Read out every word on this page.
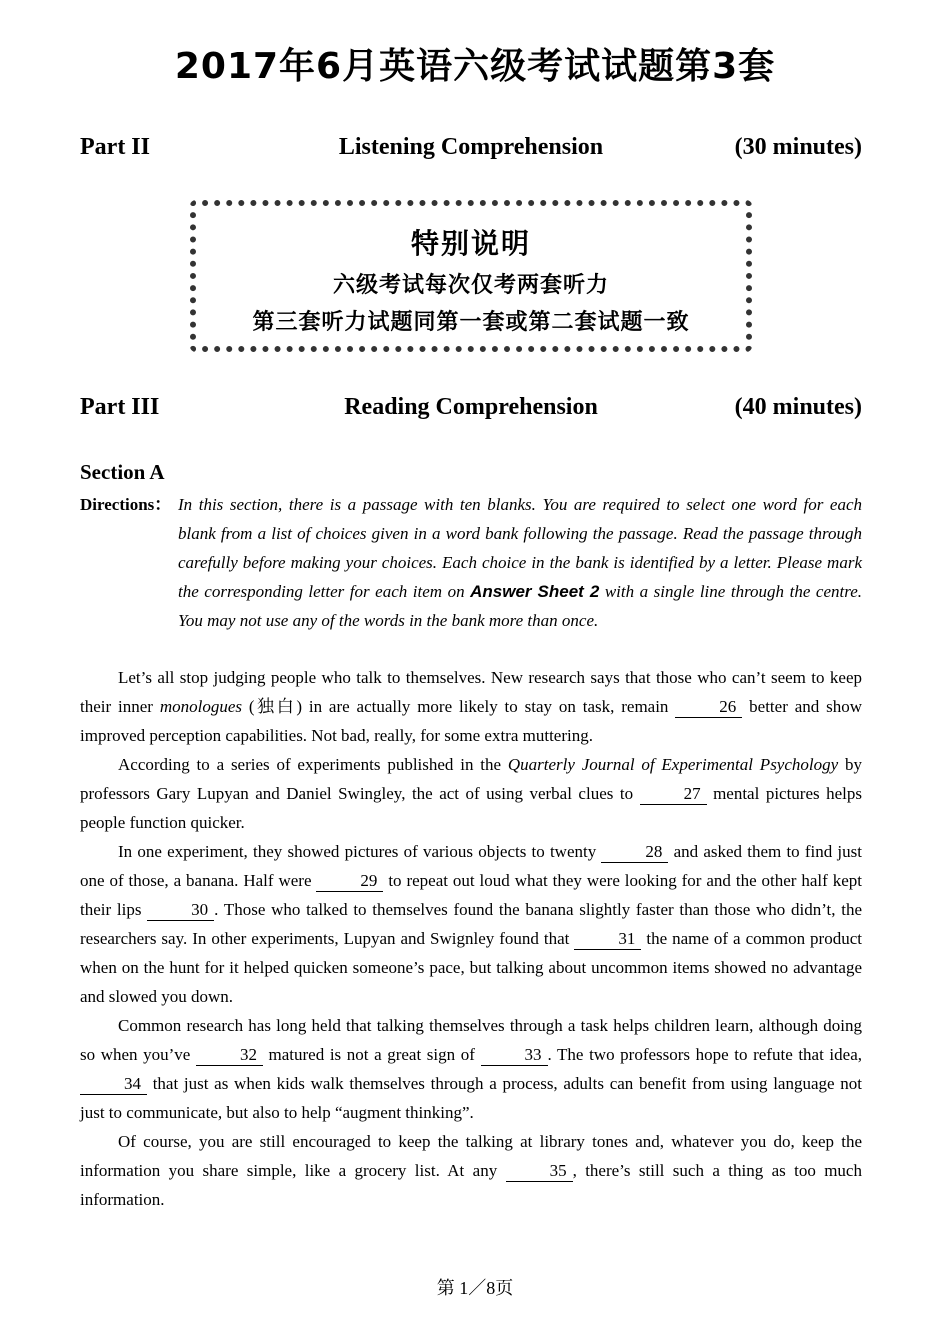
2017年6月英语六级考试试题第3套
Part II	Listening Comprehension	(30 minutes)
特别说明
六级考试每次仅考两套听力
第三套听力试题同第一套或第二套试题一致
Part III	Reading Comprehension	(40 minutes)
Section A
Directions： In this section, there is a passage with ten blanks. You are required to select one word for each blank from a list of choices given in a word bank following the passage. Read the passage through carefully before making your choices. Each choice in the bank is identified by a letter. Please mark the corresponding letter for each item on Answer Sheet 2 with a single line through the centre. You may not use any of the words in the bank more than once.

Let’s all stop judging people who talk to themselves. New research says that those who can’t seem to keep their inner monologues (独白) in are actually more likely to stay on task, remain	26 better and show improved perception capabilities. Not bad, really, for some extra muttering.

According to a series of experiments published in the Quarterly Journal of Experimental Psychology by professors Gary Lupyan and Daniel Swingley, the act of using verbal clues to	27 mental pictures helps people function quicker.

In one experiment, they showed pictures of various objects to twenty	28 and asked them to find just one of those, a banana. Half were	29 to repeat out loud what they were looking for and the other half kept their lips	30 . Those who talked to themselves found the banana slightly faster than those who didn’t, the researchers say. In other experiments, Lupyan and Swignley found that	31 the name of a common product when on the hunt for it helped quicken someone’s pace, but talking about uncommon items showed no advantage and slowed you down.

Common research has long held that talking themselves through a task helps children learn, although doing so when you’ve	32 matured is not a great sign of	33 . The two professors hope to refute that idea, 34 that just as when kids walk themselves through a process, adults can benefit from using language not just to communicate, but also to help “augment thinking”.

Of course, you are still encouraged to keep the talking at library tones and, whatever you do, keep the information you share simple, like a grocery list. At any	35 , there’s still such a thing as too much information.

第 1／8页
